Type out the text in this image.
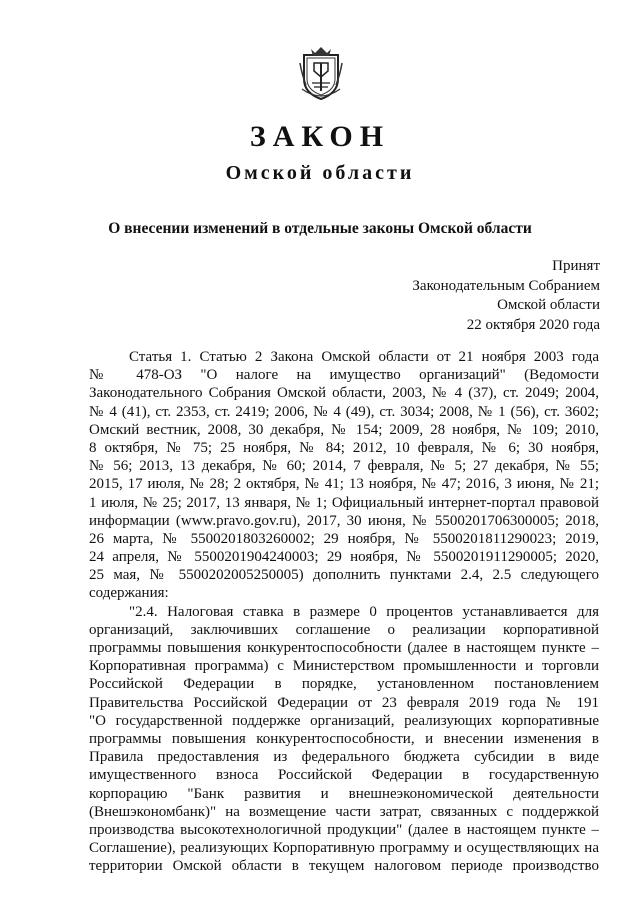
ЗАКОН
Омской области
О внесении изменений в отдельные законы Омской области
Принят
Законодательным Собранием
Омской области
22 октября 2020 года
Статья 1. Статью 2 Закона Омской области от 21 ноября 2003 года
№ 478-ОЗ "О налоге на имущество организаций" (Ведомости
Законодательного Собрания Омской области, 2003, № 4 (37), ст. 2049; 2004,
№ 4 (41), ст. 2353, ст. 2419; 2006, № 4 (49), ст. 3034; 2008, № 1 (56), ст. 3602;
Омский вестник, 2008, 30 декабря, № 154; 2009, 28 ноября, № 109; 2010,
8 октября, № 75; 25 ноября, № 84; 2012, 10 февраля, № 6; 30 ноября,
№ 56; 2013, 13 декабря, № 60; 2014, 7 февраля, № 5; 27 декабря, № 55;
2015, 17 июля, № 28; 2 октября, № 41; 13 ноября, № 47; 2016, 3 июня, № 21;
1 июля, № 25; 2017, 13 января, № 1; Официальный интернет-портал правовой
информации (www.pravo.gov.ru), 2017, 30 июня, № 5500201706300005; 2018,
26 марта, № 5500201803260002; 29 ноября, № 5500201811290023; 2019,
24 апреля, № 5500201904240003; 29 ноября, № 5500201911290005; 2020,
25 мая, № 5500202005250005) дополнить пунктами 2.4, 2.5 следующего
содержания:
"2.4. Налоговая ставка в размере 0 процентов устанавливается для
организаций, заключивших соглашение о реализации корпоративной
программы повышения конкурентоспособности (далее в настоящем пункте –
Корпоративная программа) с Министерством промышленности и торговли
Российской Федерации в порядке, установленном постановлением
Правительства Российской Федерации от 23 февраля 2019 года № 191
"О государственной поддержке организаций, реализующих корпоративные
программы повышения конкурентоспособности, и внесении изменения в
Правила предоставления из федерального бюджета субсидии в виде
имущественного взноса Российской Федерации в государственную
корпорацию "Банк развития и внешнеэкономической деятельности
(Внешэкономбанк)" на возмещение части затрат, связанных с поддержкой
производства высокотехнологичной продукции" (далее в настоящем пункте –
Соглашение), реализующих Корпоративную программу и осуществляющих на
территории Омской области в текущем налоговом периоде производство
